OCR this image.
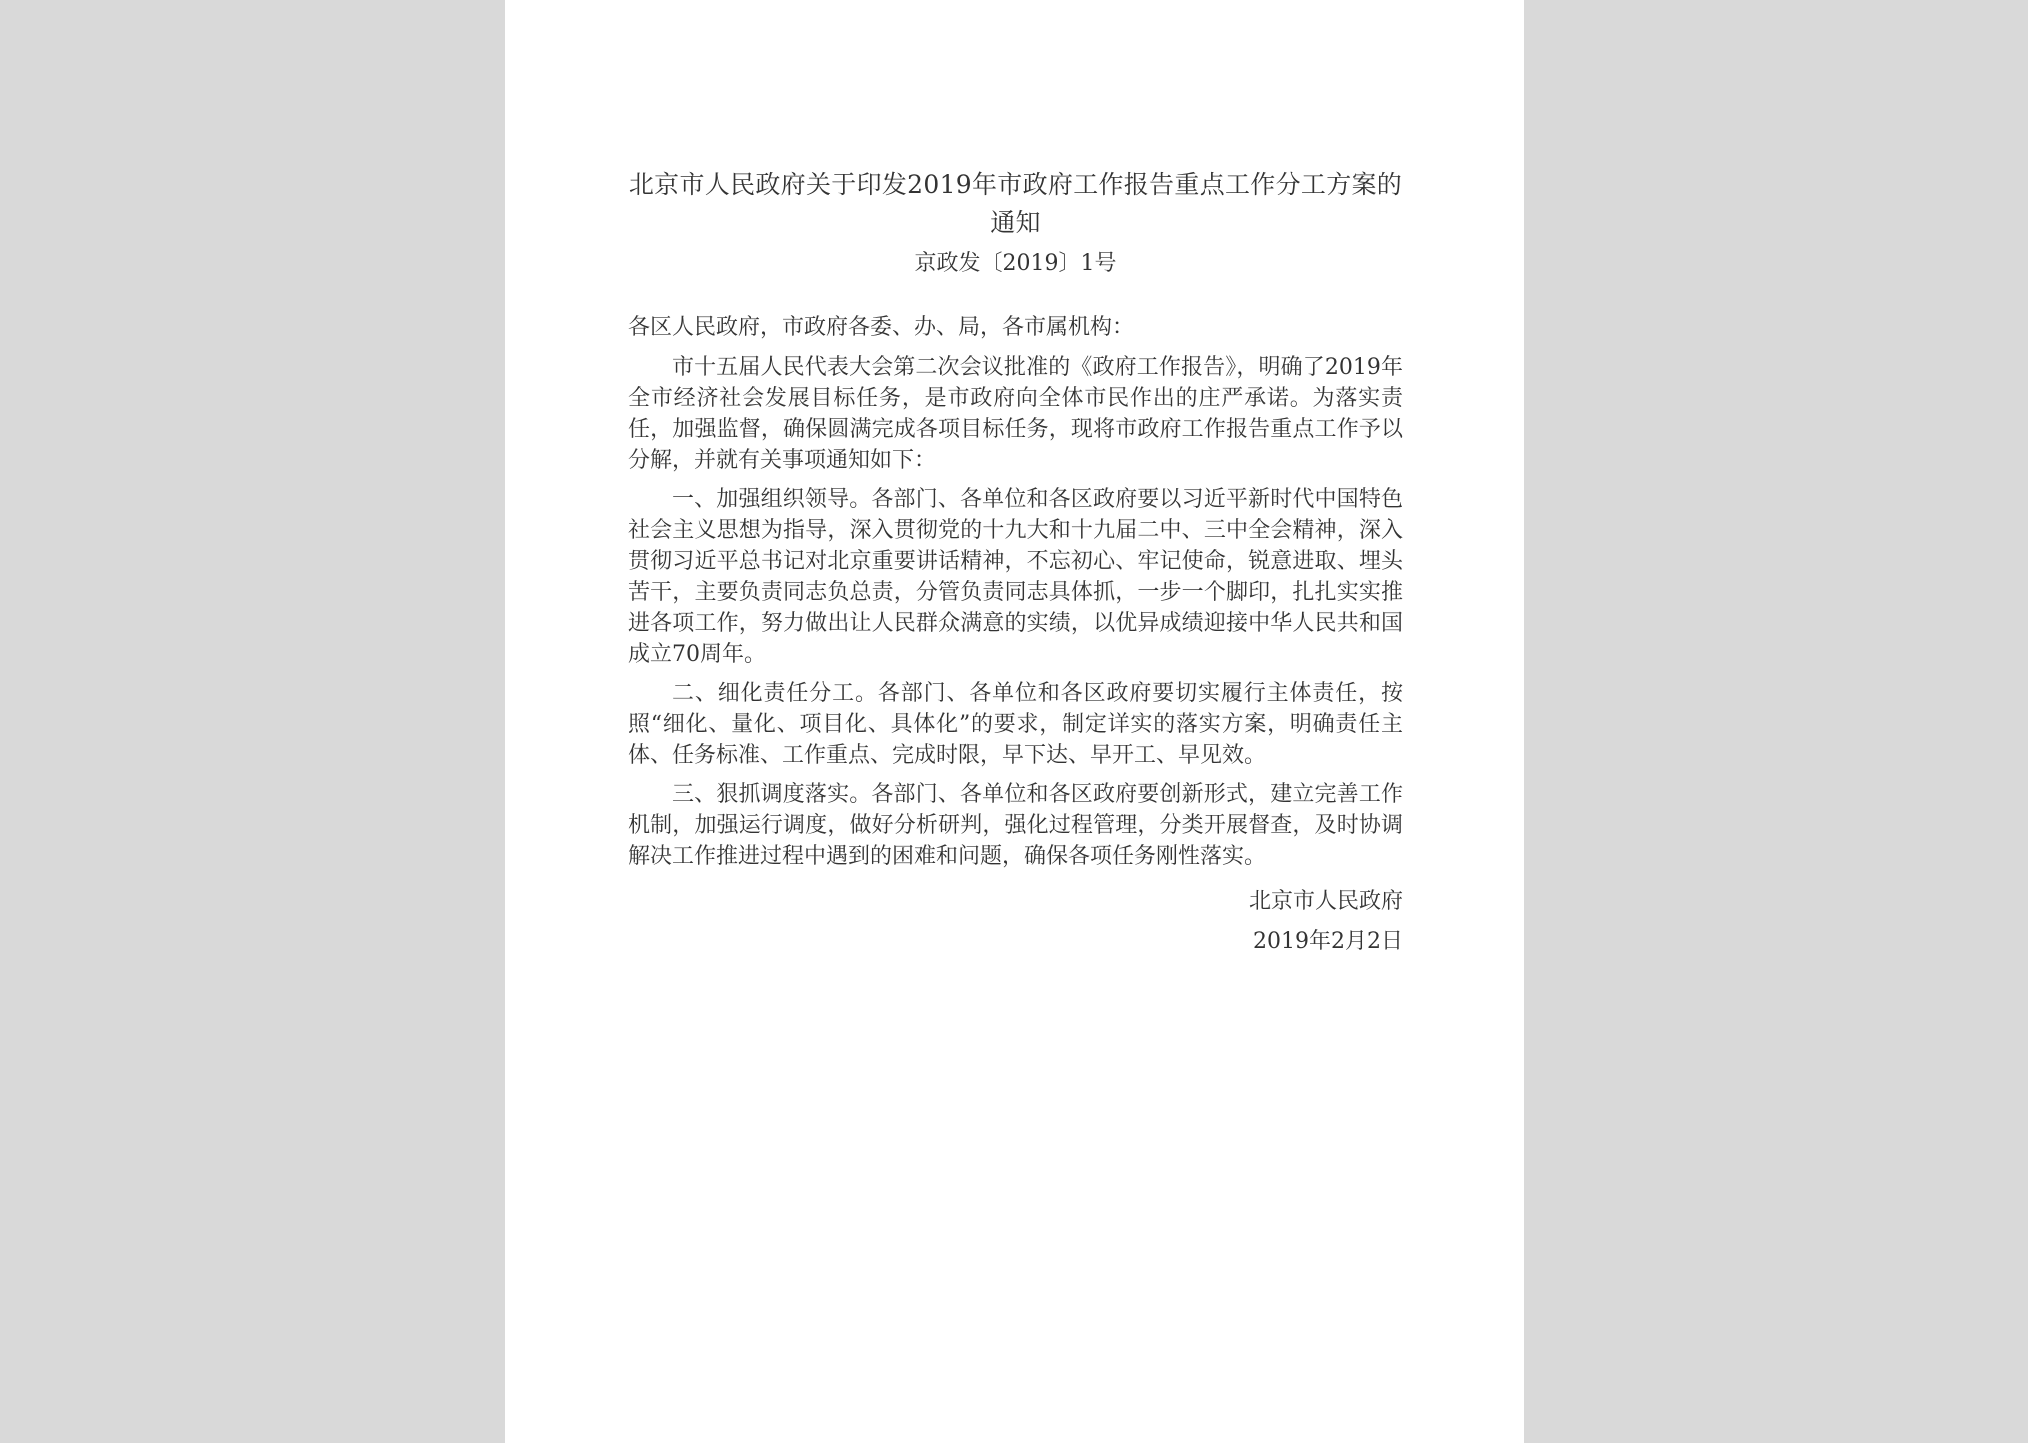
北京市人民政府关于印发2019年市政府工作报告重点工作分工方案的通知
京政发〔2019〕1号

各区人民政府，市政府各委、办、局，各市属机构：

市十五届人民代表大会第二次会议批准的《政府工作报告》，明确了2019年全市经济社会发展目标任务，是市政府向全体市民作出的庄严承诺。为落实责任，加强监督，确保圆满完成各项目标任务，现将市政府工作报告重点工作予以分解，并就有关事项通知如下：

一、加强组织领导。各部门、各单位和各区政府要以习近平新时代中国特色社会主义思想为指导，深入贯彻党的十九大和十九届二中、三中全会精神，深入贯彻习近平总书记对北京重要讲话精神，不忘初心、牢记使命，锐意进取、埋头苦干，主要负责同志负总责，分管负责同志具体抓，一步一个脚印，扎扎实实推进各项工作，努力做出让人民群众满意的实绩，以优异成绩迎接中华人民共和国成立70周年。

二、细化责任分工。各部门、各单位和各区政府要切实履行主体责任，按照“细化、量化、项目化、具体化”的要求，制定详实的落实方案，明确责任主体、任务标准、工作重点、完成时限，早下达、早开工、早见效。

三、狠抓调度落实。各部门、各单位和各区政府要创新形式，建立完善工作机制，加强运行调度，做好分析研判，强化过程管理，分类开展督查，及时协调解决工作推进过程中遇到的困难和问题，确保各项任务刚性落实。

北京市人民政府
2019年2月2日
